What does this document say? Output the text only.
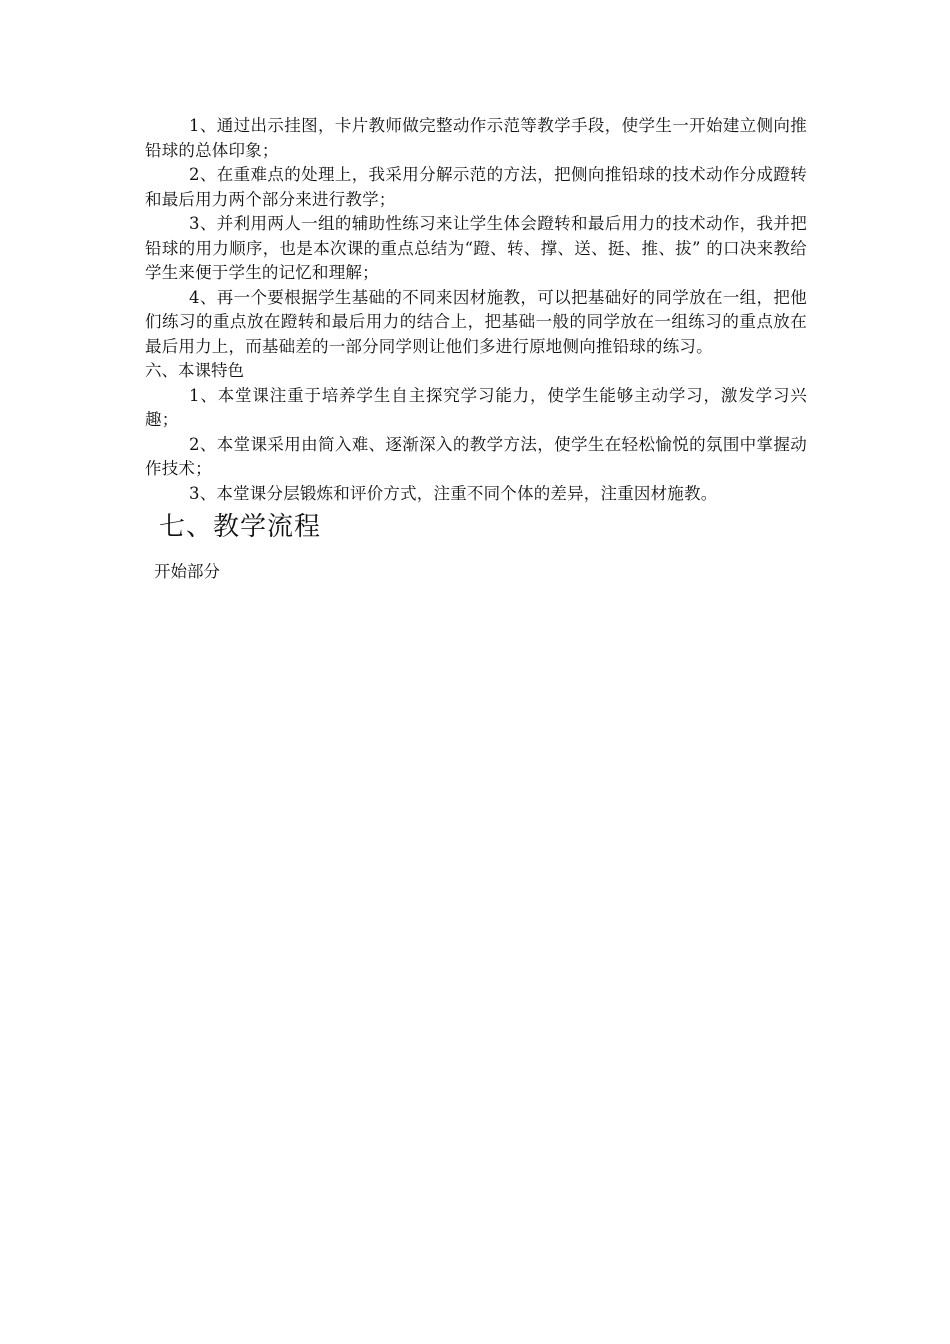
1、通过出示挂图，卡片教师做完整动作示范等教学手段，使学生一开始建立侧向推铅球的总体印象；

2、在重难点的处理上，我采用分解示范的方法，把侧向推铅球的技术动作分成蹬转和最后用力两个部分来进行教学；

3、并利用两人一组的辅助性练习来让学生体会蹬转和最后用力的技术动作，我并把铅球的用力顺序，也是本次课的重点总结为“蹬、转、撑、送、挺、推、拔” 的口决来教给学生来便于学生的记忆和理解；

4、再一个要根据学生基础的不同来因材施教，可以把基础好的同学放在一组，把他们练习的重点放在蹬转和最后用力的结合上，把基础一般的同学放在一组练习的重点放在最后用力上，而基础差的一部分同学则让他们多进行原地侧向推铅球的练习。

六、本课特色

1、本堂课注重于培养学生自主探究学习能力，使学生能够主动学习，激发学习兴趣；

2、本堂课采用由简入难、逐渐深入的教学方法，使学生在轻松愉悦的氛围中掌握动作技术；

3、本堂课分层锻炼和评价方式，注重不同个体的差异，注重因材施教。

七、教学流程
开始部分
